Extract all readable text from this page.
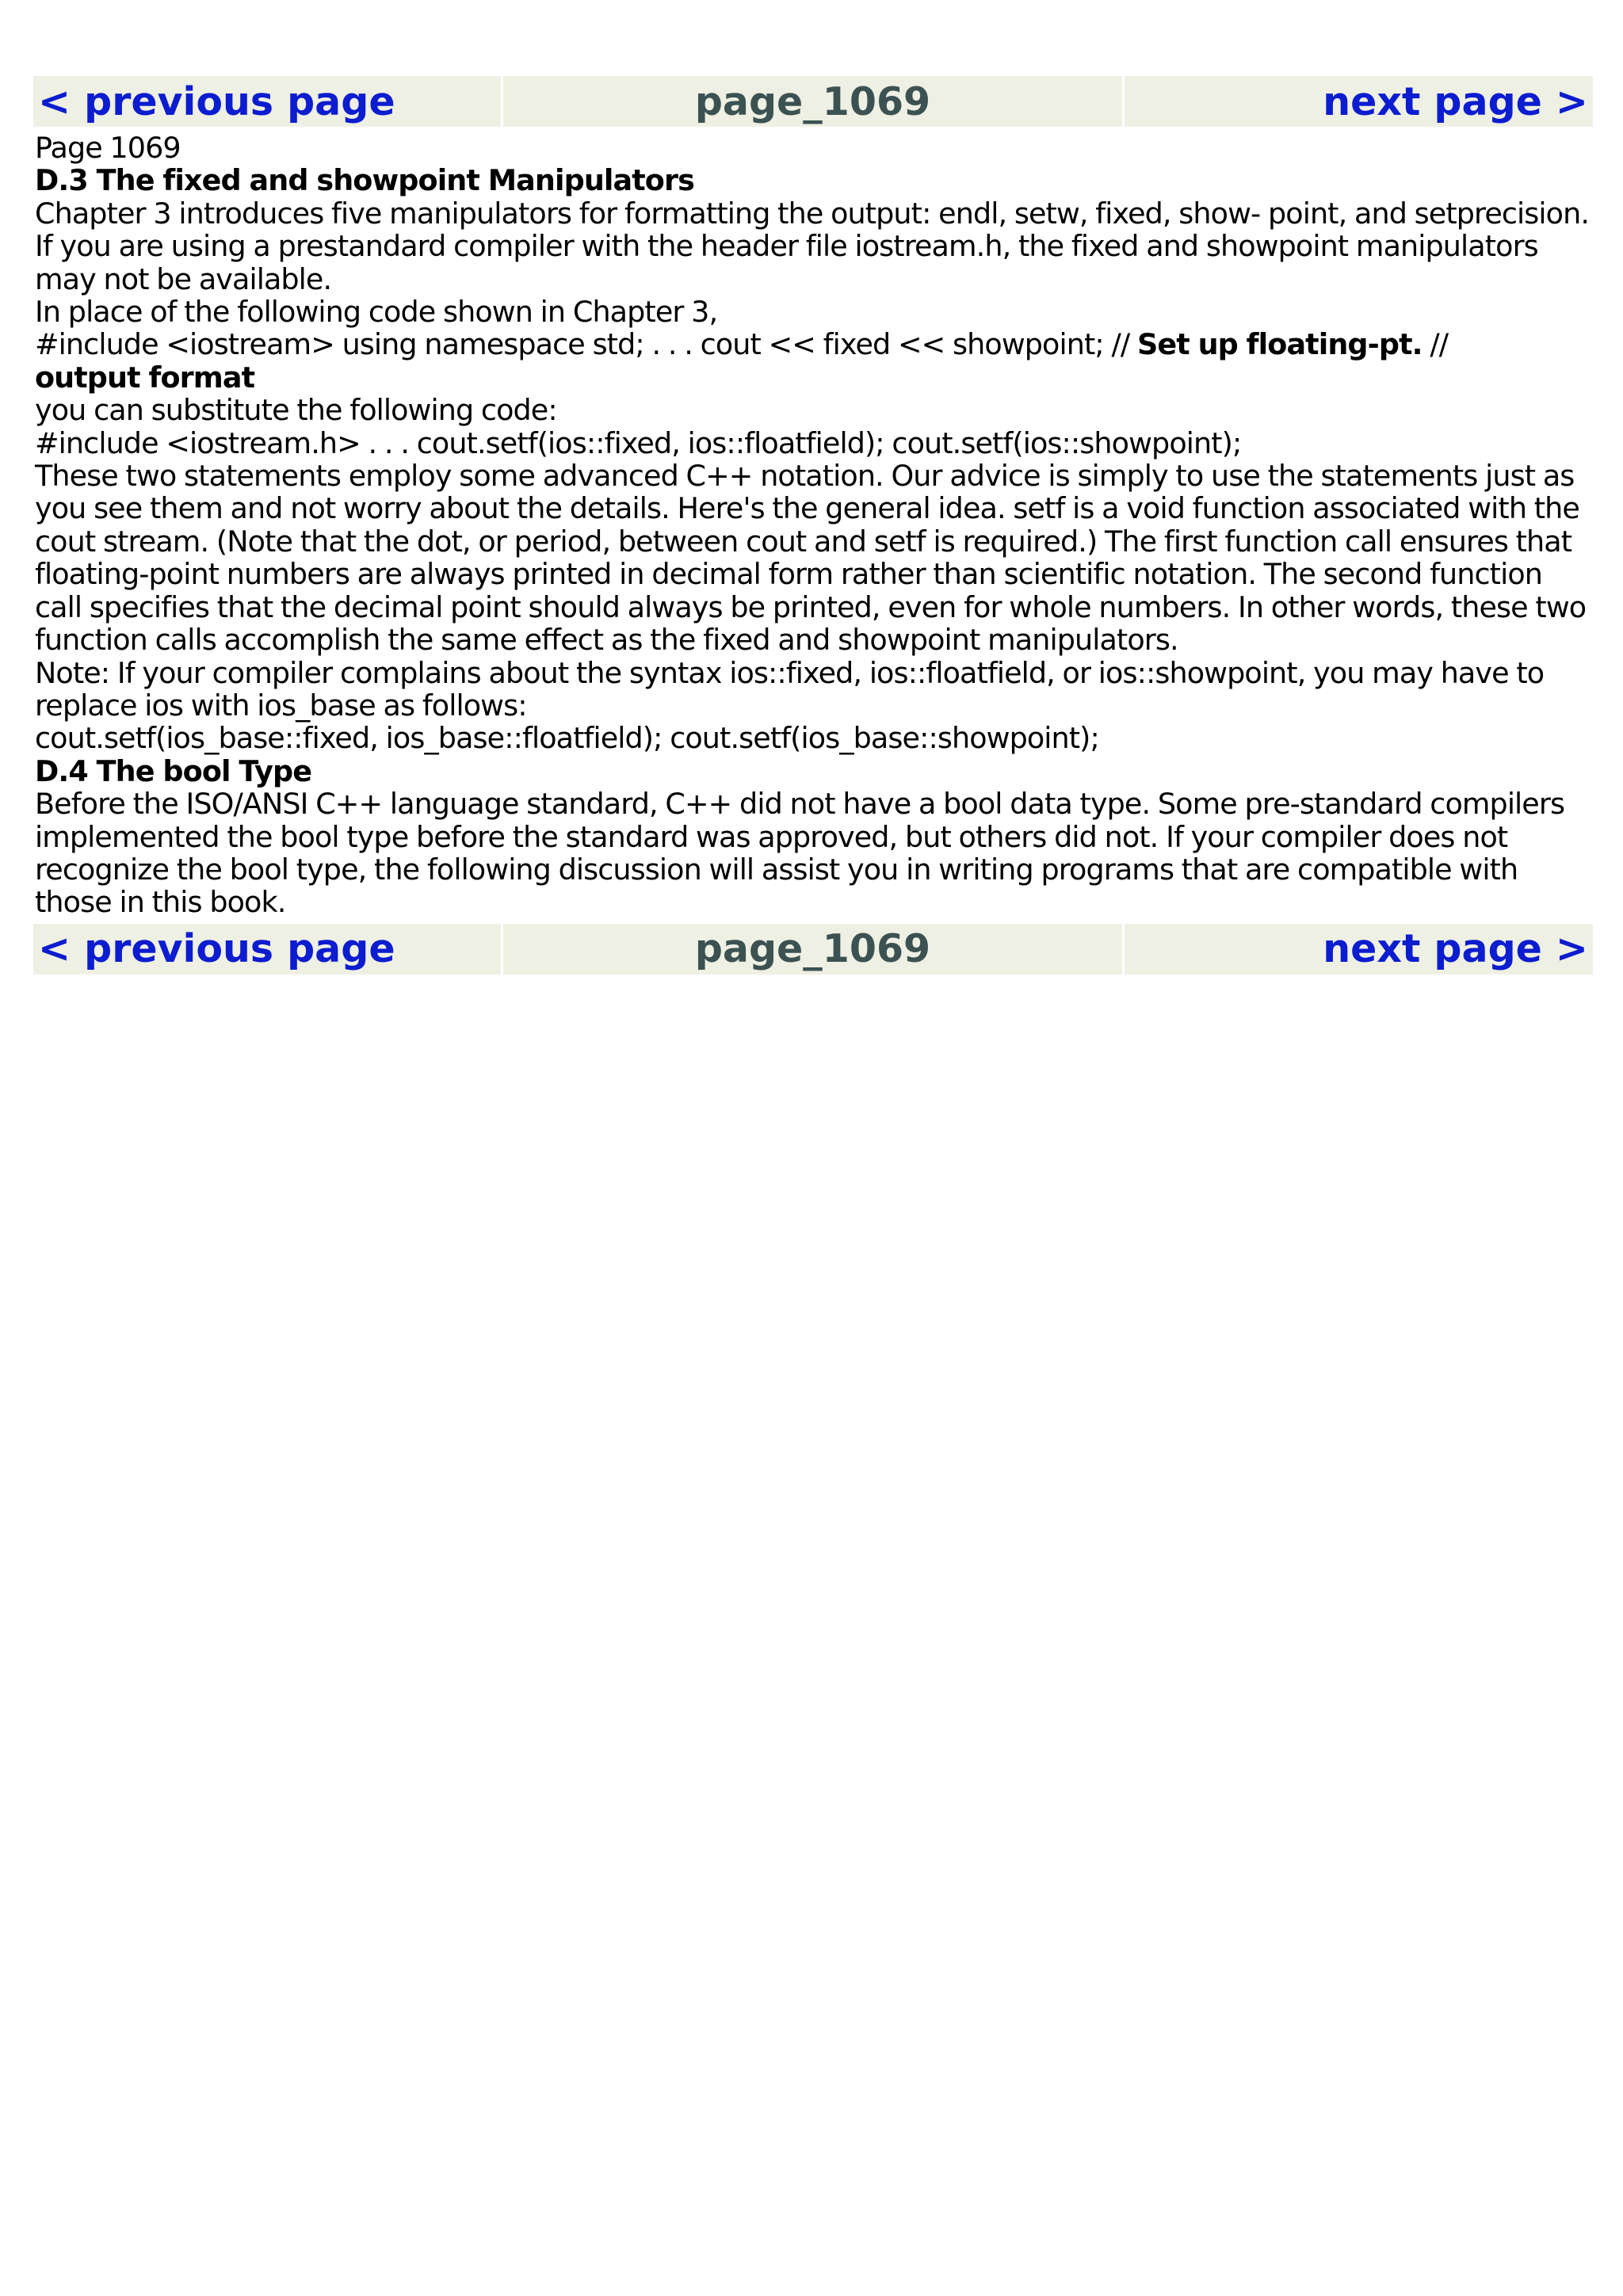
< previous page	page_1069	next page >

Page 1069

D.3 The fixed and showpoint Manipulators

Chapter 3 introduces five manipulators for formatting the output: endl, setw, fixed, show- point, and setprecision. If you are using a prestandard compiler with the header file iostream.h, the fixed and showpoint manipulators may not be available.

In place of the following code shown in Chapter 3,

#include <iostream> using namespace std; . . . cout << fixed << showpoint; // Set up floating-pt. //
output format

you can substitute the following code:

#include <iostream.h> . . . cout.setf(ios::fixed, ios::floatfield); cout.setf(ios::showpoint);

These two statements employ some advanced C++ notation. Our advice is simply to use the statements just as you see them and not worry about the details. Here's the general idea. setf is a void function associated with the cout stream. (Note that the dot, or period, between cout and setf is required.) The first function call ensures that floating-point numbers are always printed in decimal form rather than scientific notation. The second function call specifies that the decimal point should always be printed, even for whole numbers. In other words, these two function calls accomplish the same effect as the fixed and showpoint manipulators.

Note: If your compiler complains about the syntax ios::fixed, ios::floatfield, or ios::showpoint, you may have to replace ios with ios_base as follows:

cout.setf(ios_base::fixed, ios_base::floatfield); cout.setf(ios_base::showpoint);

D.4 The bool Type

Before the ISO/ANSI C++ language standard, C++ did not have a bool data type. Some pre-standard compilers implemented the bool type before the standard was approved, but others did not. If your compiler does not recognize the bool type, the following discussion will assist you in writing programs that are compatible with those in this book.

< previous page	page_1069	next page >
